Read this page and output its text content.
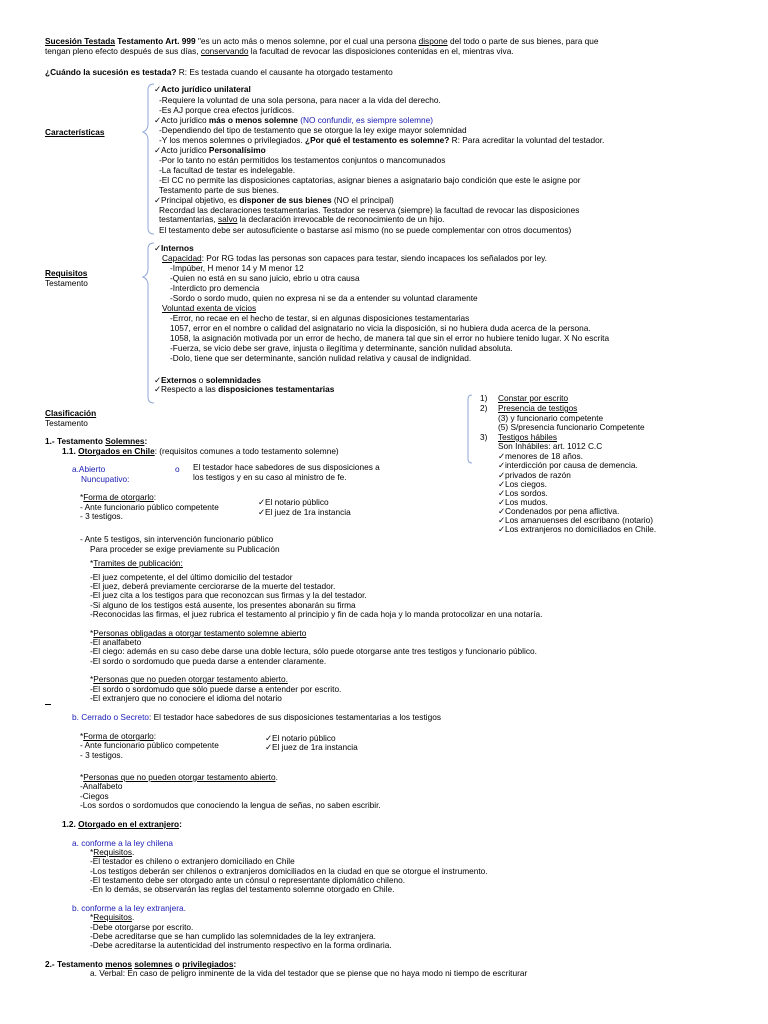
Sucesión Testada Testamento Art. 999 "es un acto más o menos solemne, por el cual una persona dispone del todo o parte de sus bienes, para que
tengan pleno efecto después de sus días, conservando la facultad de revocar las disposiciones contenidas en el, mientras viva.
¿Cuándo la sucesión es testada? R: Es testada cuando el causante ha otorgado testamento
Características
✓Acto jurídico unilateral
-Requiere la voluntad de una sola persona, para nacer a la vida del derecho.
-Es AJ porque crea efectos jurídicos.
✓Acto jurídico más o menos solemne (NO confundir, es siempre solemne)
-Dependiendo del tipo de testamento que se otorgue la ley exige mayor solemnidad
-Y los menos solemnes o privilegiados. ¿Por qué el testamento es solemne? R: Para acreditar la voluntad del testador.
✓Acto jurídico Personalísimo
-Por lo tanto no están permitidos los testamentos conjuntos o mancomunados
-La facultad de testar es indelegable.
-El CC no permite las disposiciones captatorias, asignar bienes a asignatario bajo condición que este le asigne por
Testamento parte de sus bienes.
✓Principal objetivo, es disponer de sus bienes (NO el principal)
Recordad las declaraciones testamentarias. Testador se reserva (siempre) la facultad de revocar las disposiciones
testamentarias, salvo la declaración irrevocable de reconocimiento de un hijo.
El testamento debe ser autosuficiente o bastarse así mismo (no se puede complementar con otros documentos)
Requisitos
Testamento
✓Internos
Capacidad: Por RG todas las personas son capaces para testar, siendo incapaces los señalados por ley.
-Impúber, H menor 14 y M menor 12
-Quien no está en su sano juicio, ebrio u otra causa
-Interdicto pro demencia
-Sordo o sordo mudo, quien no expresa ni se da a entender su voluntad claramente
Voluntad exenta de vicios
-Error, no recae en el hecho de testar, si en algunas disposiciones testamentarias
1057, error en el nombre o calidad del asignatario no vicia la disposición, si no hubiera duda acerca de la persona.
1058, la asignación motivada por un error de hecho, de manera tal que sin el error no hubiere tenido lugar. X No escrita
-Fuerza, se vicio debe ser grave, injusta o ilegítima y determinante, sanción nulidad absoluta.
-Dolo, tiene que ser determinante, sanción nulidad relativa y causal de indignidad.
✓Externos o solemnidades
✓Respecto a las disposiciones testamentarias
Clasificación
Testamento
1) Constar por escrito
2) Presencia de testigos
(3) y funcionario competente
(5) S/presencia funcionario Competente
3) Testigos hábiles
Son Inhábiles: art. 1012 C.C
✓menores de 18 años.
✓interdicción por causa de demencia.
✓privados de razón
✓Los ciegos.
✓Los sordos.
✓Los mudos.
✓Condenados por pena aflictiva.
✓Los amanuenses del escribano (notario)
✓Los extranjeros no domiciliados en Chile.
1.- Testamento Solemnes:
1.1. Otorgados en Chile: (requisitos comunes a todo testamento solemne)
a.Abierto	o
Nuncupativo:
El testador hace sabedores de sus disposiciones a
los testigos y en su caso al ministro de fe.
*Forma de otorgarlo:
- Ante funcionario público competente
- 3 testigos.
✓El notario público
✓El juez de 1ra instancia
- Ante 5 testigos, sin intervención funcionario público
Para proceder se exige previamente su Publicación
*Tramites de publicación:
-El juez competente, el del último domicilio del testador
-El juez, deberá previamente cerciorarse de la muerte del testador.
-El juez cita a los testigos para que reconozcan sus firmas y la del testador.
-Si alguno de los testigos está ausente, los presentes abonarán su firma
-Reconocidas las firmas, el juez rubrica el testamento al principio y fin de cada hoja y lo manda protocolizar en una notaría.
*Personas obligadas a otorgar testamento solemne abierto
-El analfabeto
-El ciego: además en su caso debe darse una doble lectura, sólo puede otorgarse ante tres testigos y funcionario público.
-El sordo o sordomudo que pueda darse a entender claramente.
*Personas que no pueden otorgar testamento abierto.
-El sordo o sordomudo que sólo puede darse a entender por escrito.
-El extranjero que no conociere el idioma del notario
b. Cerrado o Secreto: El testador hace sabedores de sus disposiciones testamentarias a los testigos
*Forma de otorgarlo:
- Ante funcionario público competente
- 3 testigos.
✓El notario público
✓El juez de 1ra instancia
*Personas que no pueden otorgar testamento abierto.
-Analfabeto
-Ciegos
-Los sordos o sordomudos que conociendo la lengua de señas, no saben escribir.
1.2. Otorgado en el extranjero:
a. conforme a la ley chilena
*Requisitos.
-El testador es chileno o extranjero domiciliado en Chile
-Los testigos deberán ser chilenos o extranjeros domiciliados en la ciudad en que se otorgue el instrumento.
-El testamento debe ser otorgado ante un cónsul o representante diplomático chileno.
-En lo demás, se observarán las reglas del testamento solemne otorgado en Chile.
b. conforme a la ley extranjera.
*Requisitos.
-Debe otorgarse por escrito.
-Debe acreditarse que se han cumplido las solemnidades de la ley extranjera.
-Debe acreditarse la autenticidad del instrumento respectivo en la forma ordinaria.
2.- Testamento menos solemnes o privilegiados:
a. Verbal: En caso de peligro inminente de la vida del testador que se piense que no haya modo ni tiempo de escriturar
